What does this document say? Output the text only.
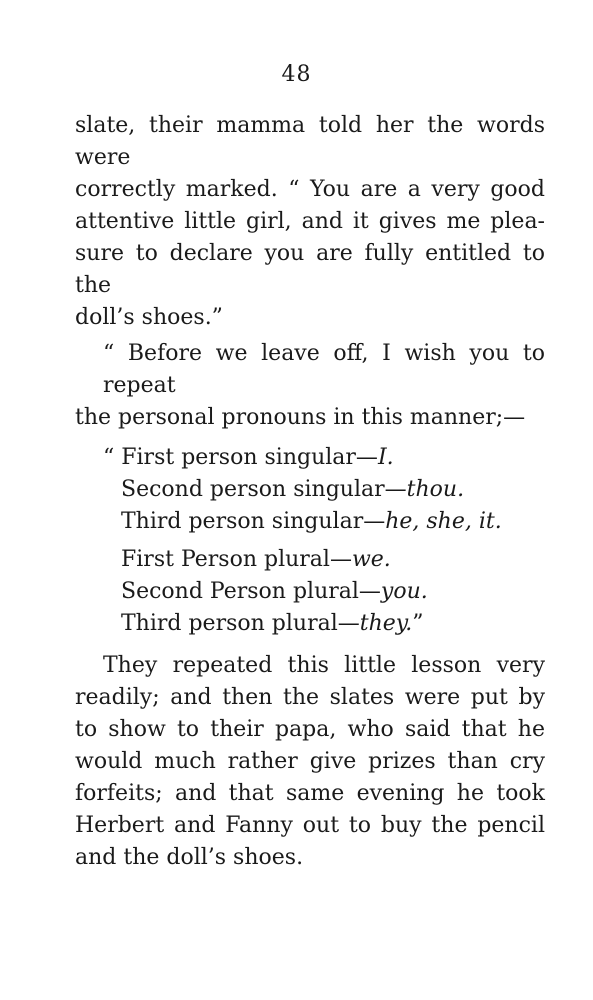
48

slate, their mamma told her the words were
correctly marked. “ You are a very good
attentive little girl, and it gives me plea-
sure to declare you are fully entitled to the
doll’s shoes.”

“ Before we leave off, I wish you to repeat
the personal pronouns in this manner;—

“ First person singular—I.
Second person singular—thou.
Third person singular—he, she, it.
First Person plural—we.
Second Person plural—you.
Third person plural—they.”

They repeated this little lesson very
readily; and then the slates were put by
to show to their papa, who said that he
would much rather give prizes than cry
forfeits; and that same evening he took
Herbert and Fanny out to buy the pencil
and the doll’s shoes.
